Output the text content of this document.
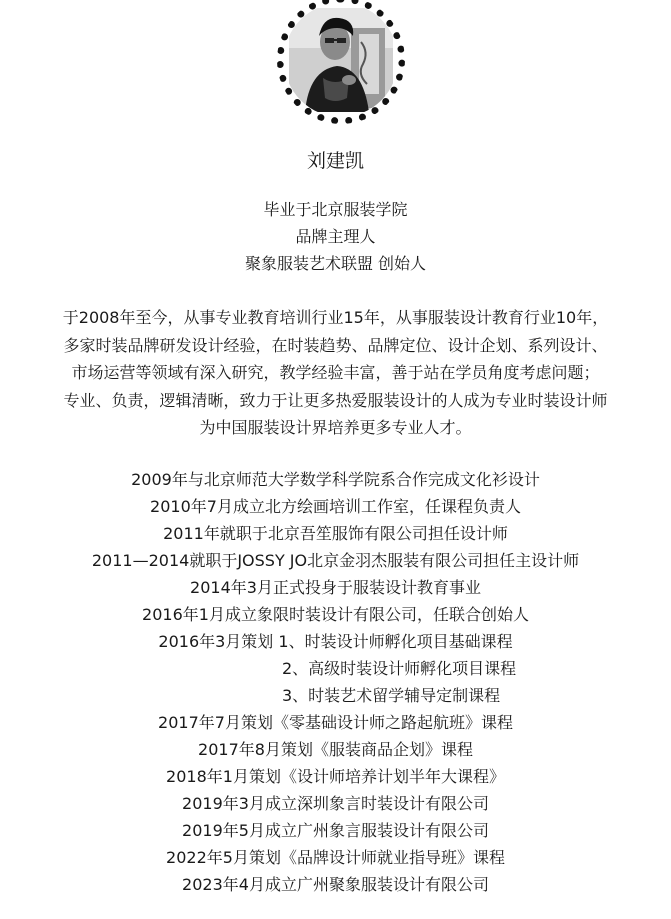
刘建凯
毕业于北京服装学院
品牌主理人
聚象服装艺术联盟 创始人
于2008年至今，从事专业教育培训行业15年，从事服装设计教育行业10年，
多家时装品牌研发设计经验，在时装趋势、品牌定位、设计企划、系列设计、
市场运营等领域有深入研究，教学经验丰富，善于站在学员角度考虑问题；
专业、负责，逻辑清晰，致力于让更多热爱服装设计的人成为专业时装设计师
为中国服装设计界培养更多专业人才。
2009年与北京师范大学数学科学院系合作完成文化衫设计
2010年7月成立北方绘画培训工作室，任课程负责人
2011年就职于北京吾笙服饰有限公司担任设计师
2011—2014就职于JOSSY JO北京金羽杰服装有限公司担任主设计师
2014年3月正式投身于服装设计教育事业
2016年1月成立象限时装设计有限公司，任联合创始人
2016年3月策划 1、时装设计师孵化项目基础课程
2、高级时装设计师孵化项目课程
3、时装艺术留学辅导定制课程
2017年7月策划《零基础设计师之路起航班》课程
2017年8月策划《服装商品企划》课程
2018年1月策划《设计师培养计划半年大课程》
2019年3月成立深圳象言时装设计有限公司
2019年5月成立广州象言服装设计有限公司
2022年5月策划《品牌设计师就业指导班》课程
2023年4月成立广州聚象服装设计有限公司
